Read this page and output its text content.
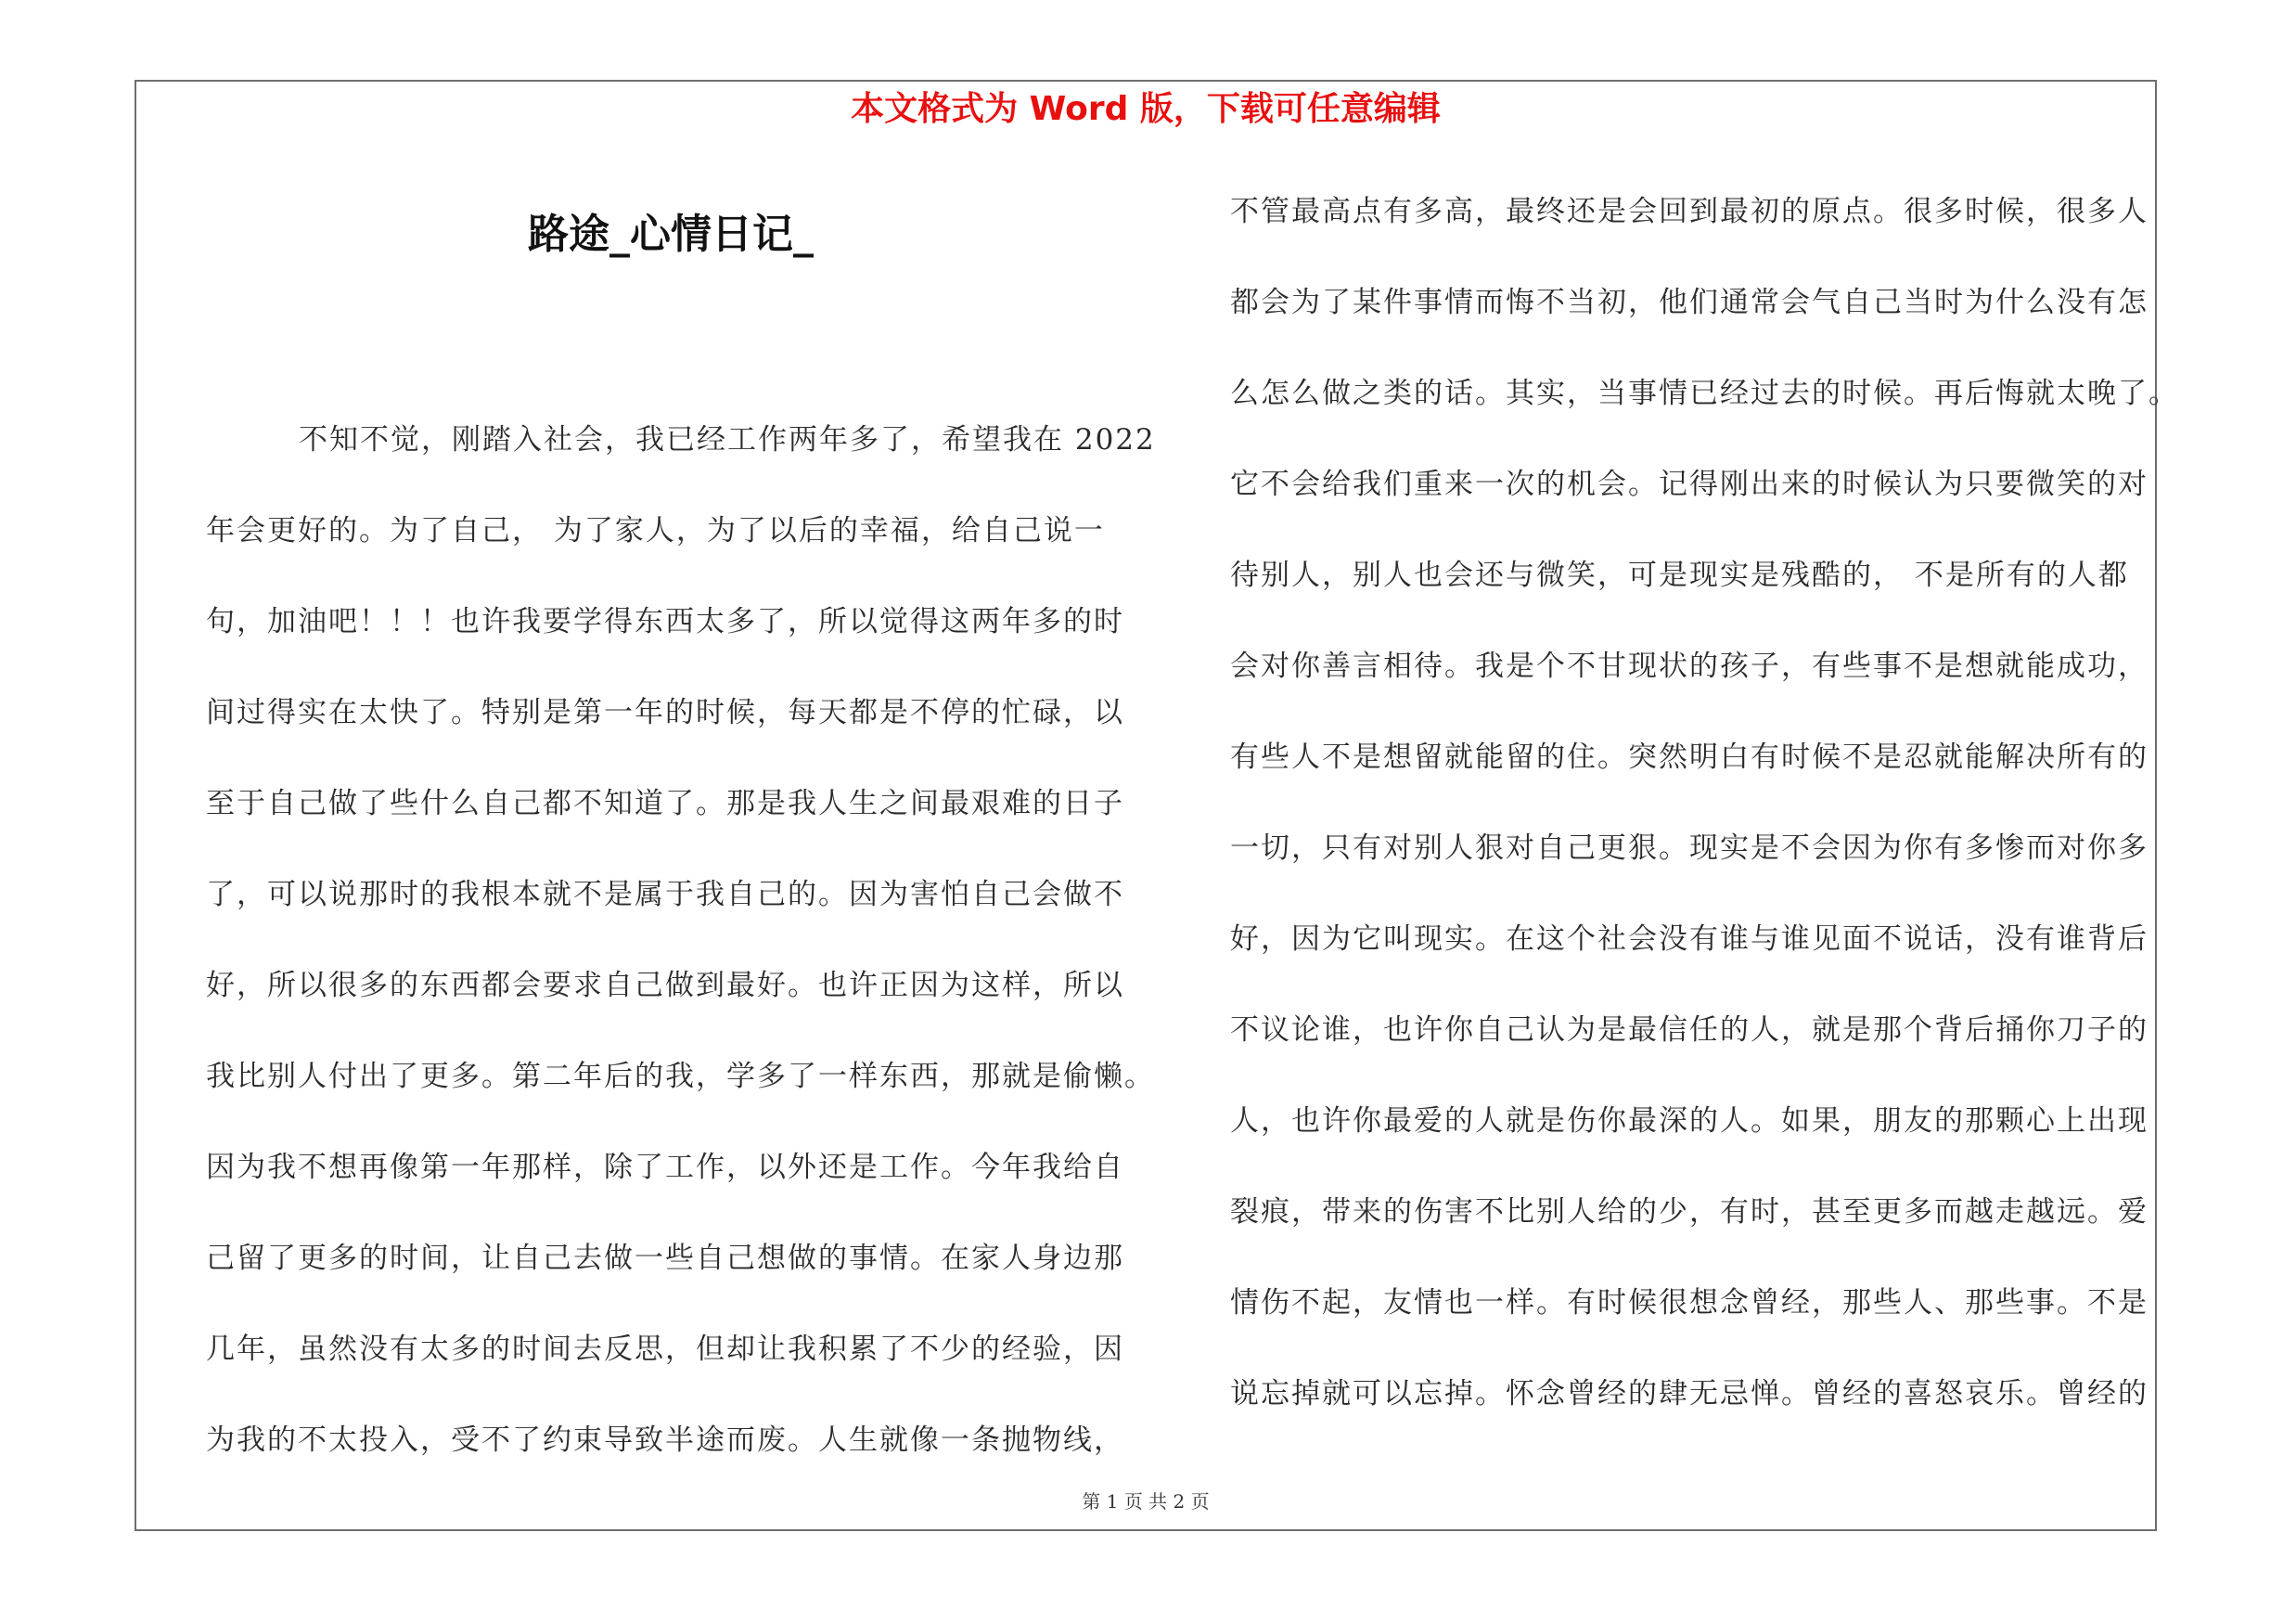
本文格式为 Word 版，下载可任意编辑
路途_心情日记_
不知不觉，刚踏入社会，我已经工作两年多了，希望我在 2022
年会更好的。为了自己， 为了家人，为了以后的幸福，给自己说一
句，加油吧！！！也许我要学得东西太多了，所以觉得这两年多的时
间过得实在太快了。特别是第一年的时候，每天都是不停的忙碌，以
至于自己做了些什么自己都不知道了。那是我人生之间最艰难的日子
了，可以说那时的我根本就不是属于我自己的。因为害怕自己会做不
好，所以很多的东西都会要求自己做到最好。也许正因为这样，所以
我比别人付出了更多。第二年后的我，学多了一样东西，那就是偷懒。
因为我不想再像第一年那样，除了工作，以外还是工作。今年我给自
己留了更多的时间，让自己去做一些自己想做的事情。在家人身边那
几年，虽然没有太多的时间去反思，但却让我积累了不少的经验，因
为我的不太投入，受不了约束导致半途而废。人生就像一条抛物线，
不管最高点有多高，最终还是会回到最初的原点。很多时候，很多人
都会为了某件事情而悔不当初，他们通常会气自己当时为什么没有怎
么怎么做之类的话。其实，当事情已经过去的时候。再后悔就太晚了。
它不会给我们重来一次的机会。记得刚出来的时候认为只要微笑的对
待别人，别人也会还与微笑，可是现实是残酷的， 不是所有的人都
会对你善言相待。我是个不甘现状的孩子，有些事不是想就能成功，
有些人不是想留就能留的住。突然明白有时候不是忍就能解决所有的
一切，只有对别人狠对自己更狠。现实是不会因为你有多惨而对你多
好，因为它叫现实。在这个社会没有谁与谁见面不说话，没有谁背后
不议论谁，也许你自己认为是最信任的人，就是那个背后捅你刀子的
人，也许你最爱的人就是伤你最深的人。如果，朋友的那颗心上出现
裂痕，带来的伤害不比别人给的少，有时，甚至更多而越走越远。爱
情伤不起，友情也一样。有时候很想念曾经，那些人、那些事。不是
说忘掉就可以忘掉。怀念曾经的肆无忌惮。曾经的喜怒哀乐。曾经的
第 1 页 共 2 页
